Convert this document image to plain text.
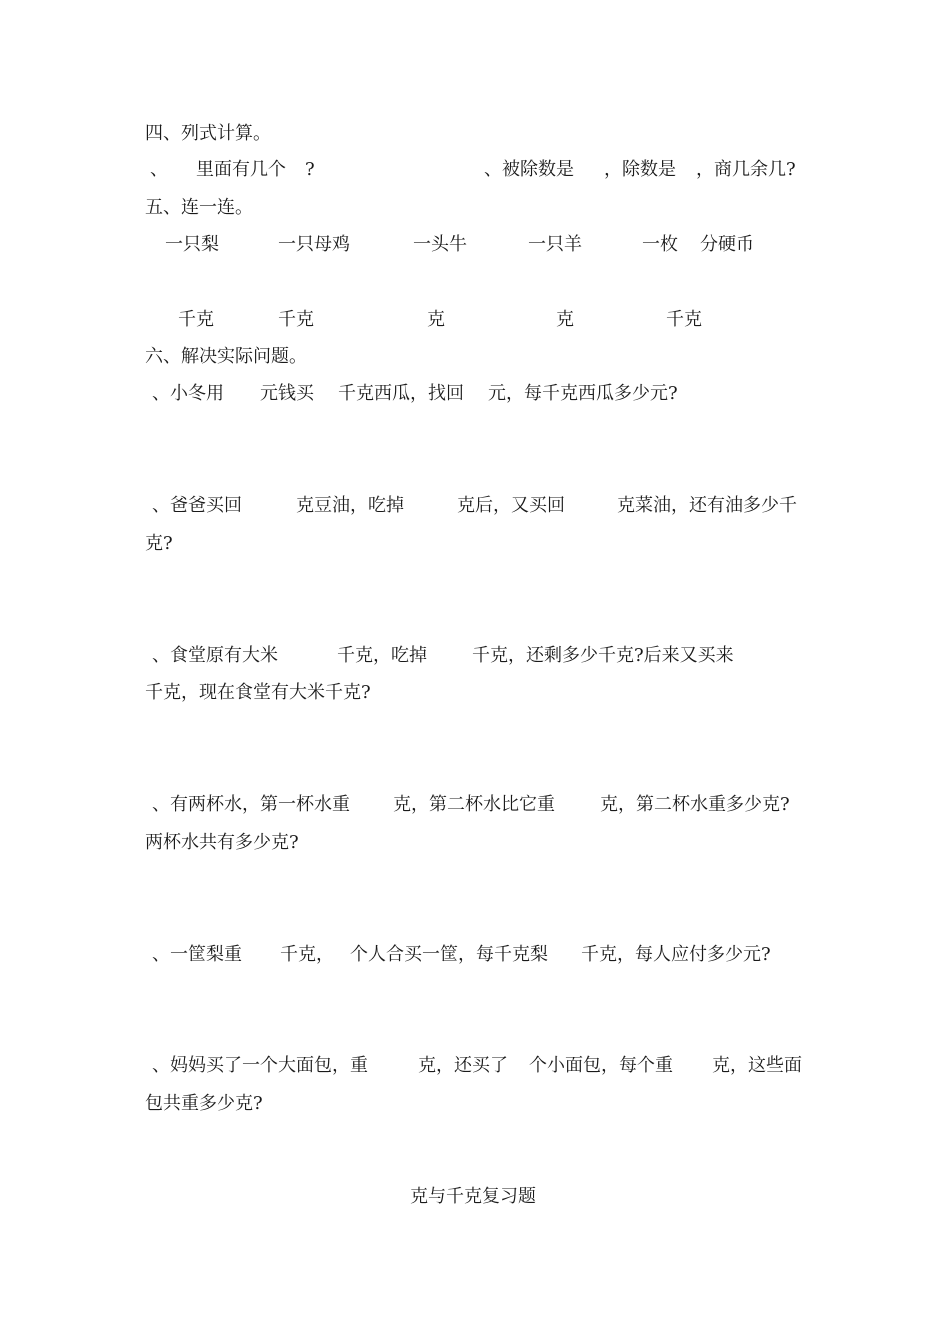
四、列式计算。
、 里面有几个 ?	、被除数是 ，除数是 ，商几余几?
五、连一连。
一只梨	一只母鸡	一头牛	一只羊	一枚 分硬币
千克	千克	克	克	千克
六、解决实际问题。
、小冬用 元钱买 千克西瓜，找回 元，每千克西瓜多少元?
、爸爸买回	克豆油，吃掉	克后，又买回	克菜油，还有油多少千
克?
、食堂原有大米	千克，吃掉	千克，还剩多少千克?后来又买来
千克，现在食堂有大米千克?
、有两杯水，第一杯水重 克，第二杯水比它重	克，第二杯水重多少克?
两杯水共有多少克?
、一筐梨重 千克， 个人合买一筐，每千克梨 千克，每人应付多少元?
、妈妈买了一个大面包，重	克，还买了 个小面包，每个重 克，这些面
包共重多少克?
克与千克复习题
